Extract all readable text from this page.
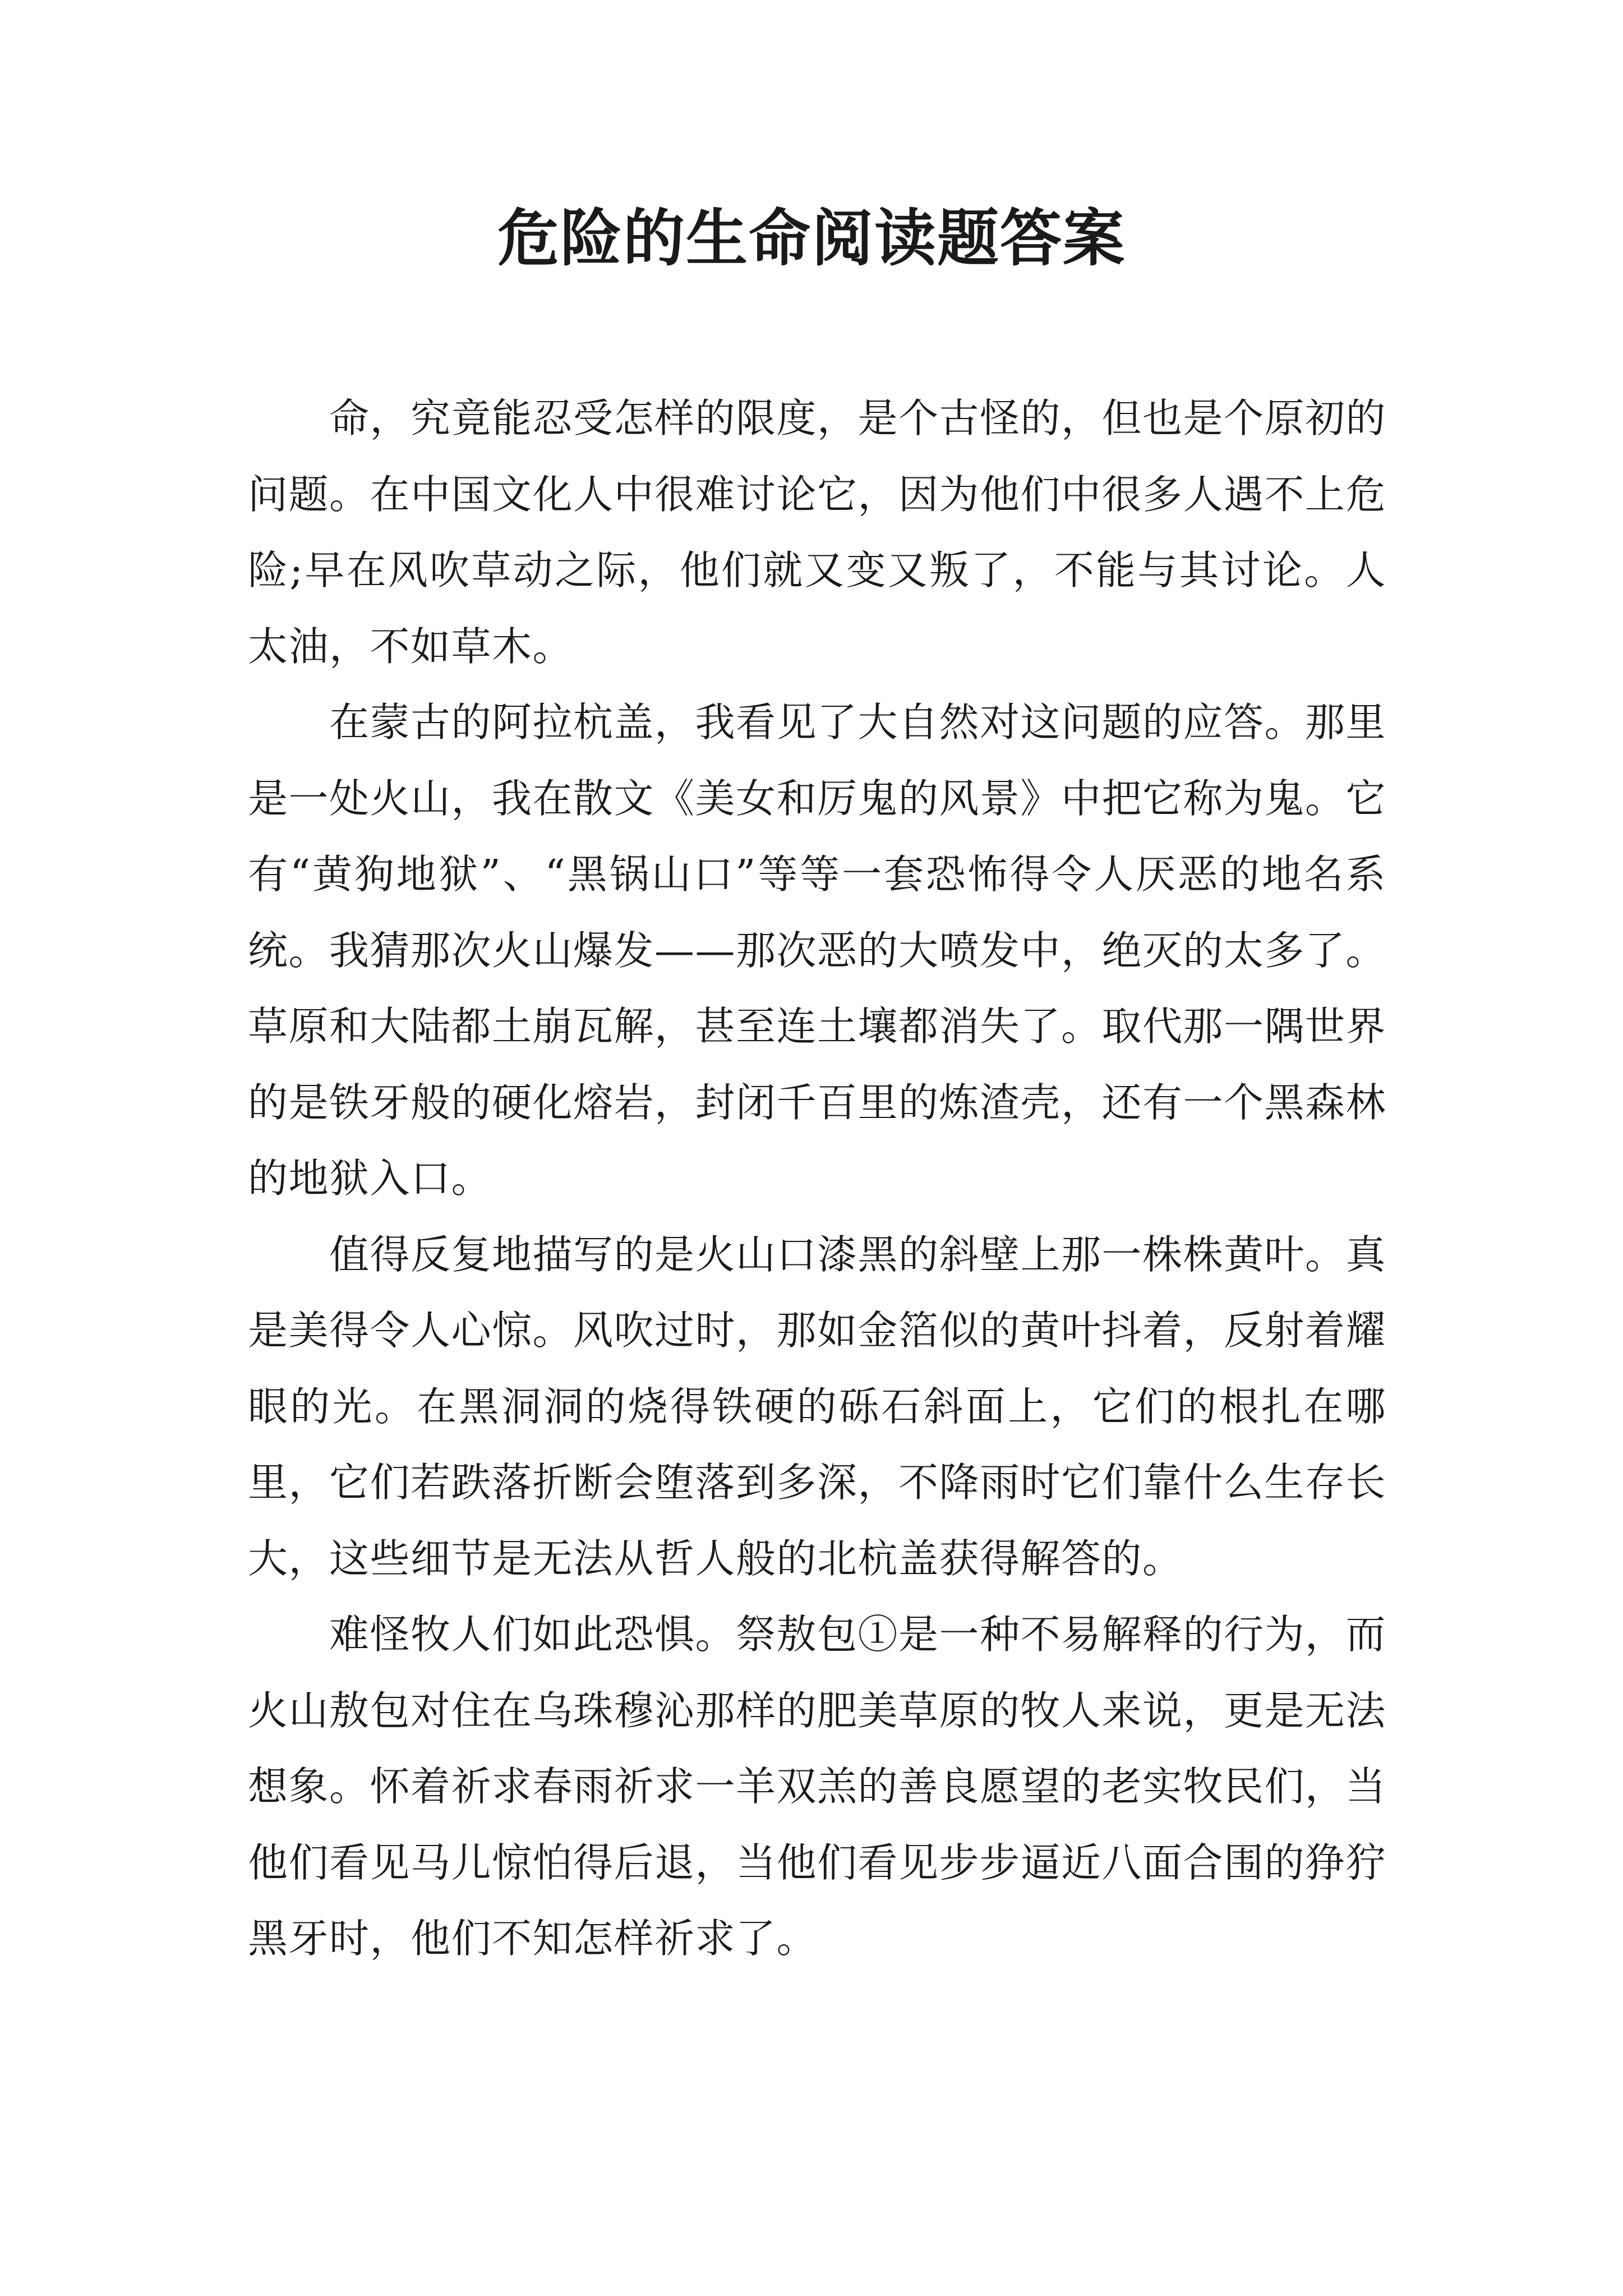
危险的生命阅读题答案

命，究竟能忍受怎样的限度，是个古怪的，但也是个原初的问题。在中国文化人中很难讨论它，因为他们中很多人遇不上危险;早在风吹草动之际，他们就又变又叛了，不能与其讨论。人太油，不如草木。

在蒙古的阿拉杭盖，我看见了大自然对这问题的应答。那里是一处火山，我在散文《美女和厉鬼的风景》中把它称为鬼。它有“黄狗地狱”、“黑锅山口”等等一套恐怖得令人厌恶的地名系统。我猜那次火山爆发——那次恶的大喷发中，绝灭的太多了。草原和大陆都土崩瓦解，甚至连土壤都消失了。取代那一隅世界的是铁牙般的硬化熔岩，封闭千百里的炼渣壳，还有一个黑森林的地狱入口。

值得反复地描写的是火山口漆黑的斜壁上那一株株黄叶。真是美得令人心惊。风吹过时，那如金箔似的黄叶抖着，反射着耀眼的光。在黑洞洞的烧得铁硬的砾石斜面上，它们的根扎在哪里，它们若跌落折断会堕落到多深，不降雨时它们靠什么生存长大，这些细节是无法从哲人般的北杭盖获得解答的。

难怪牧人们如此恐惧。祭敖包①是一种不易解释的行为，而火山敖包对住在乌珠穆沁那样的肥美草原的牧人来说，更是无法想象。怀着祈求春雨祈求一羊双羔的善良愿望的老实牧民们，当他们看见马儿惊怕得后退，当他们看见步步逼近八面合围的狰狞黑牙时，他们不知怎样祈求了。
